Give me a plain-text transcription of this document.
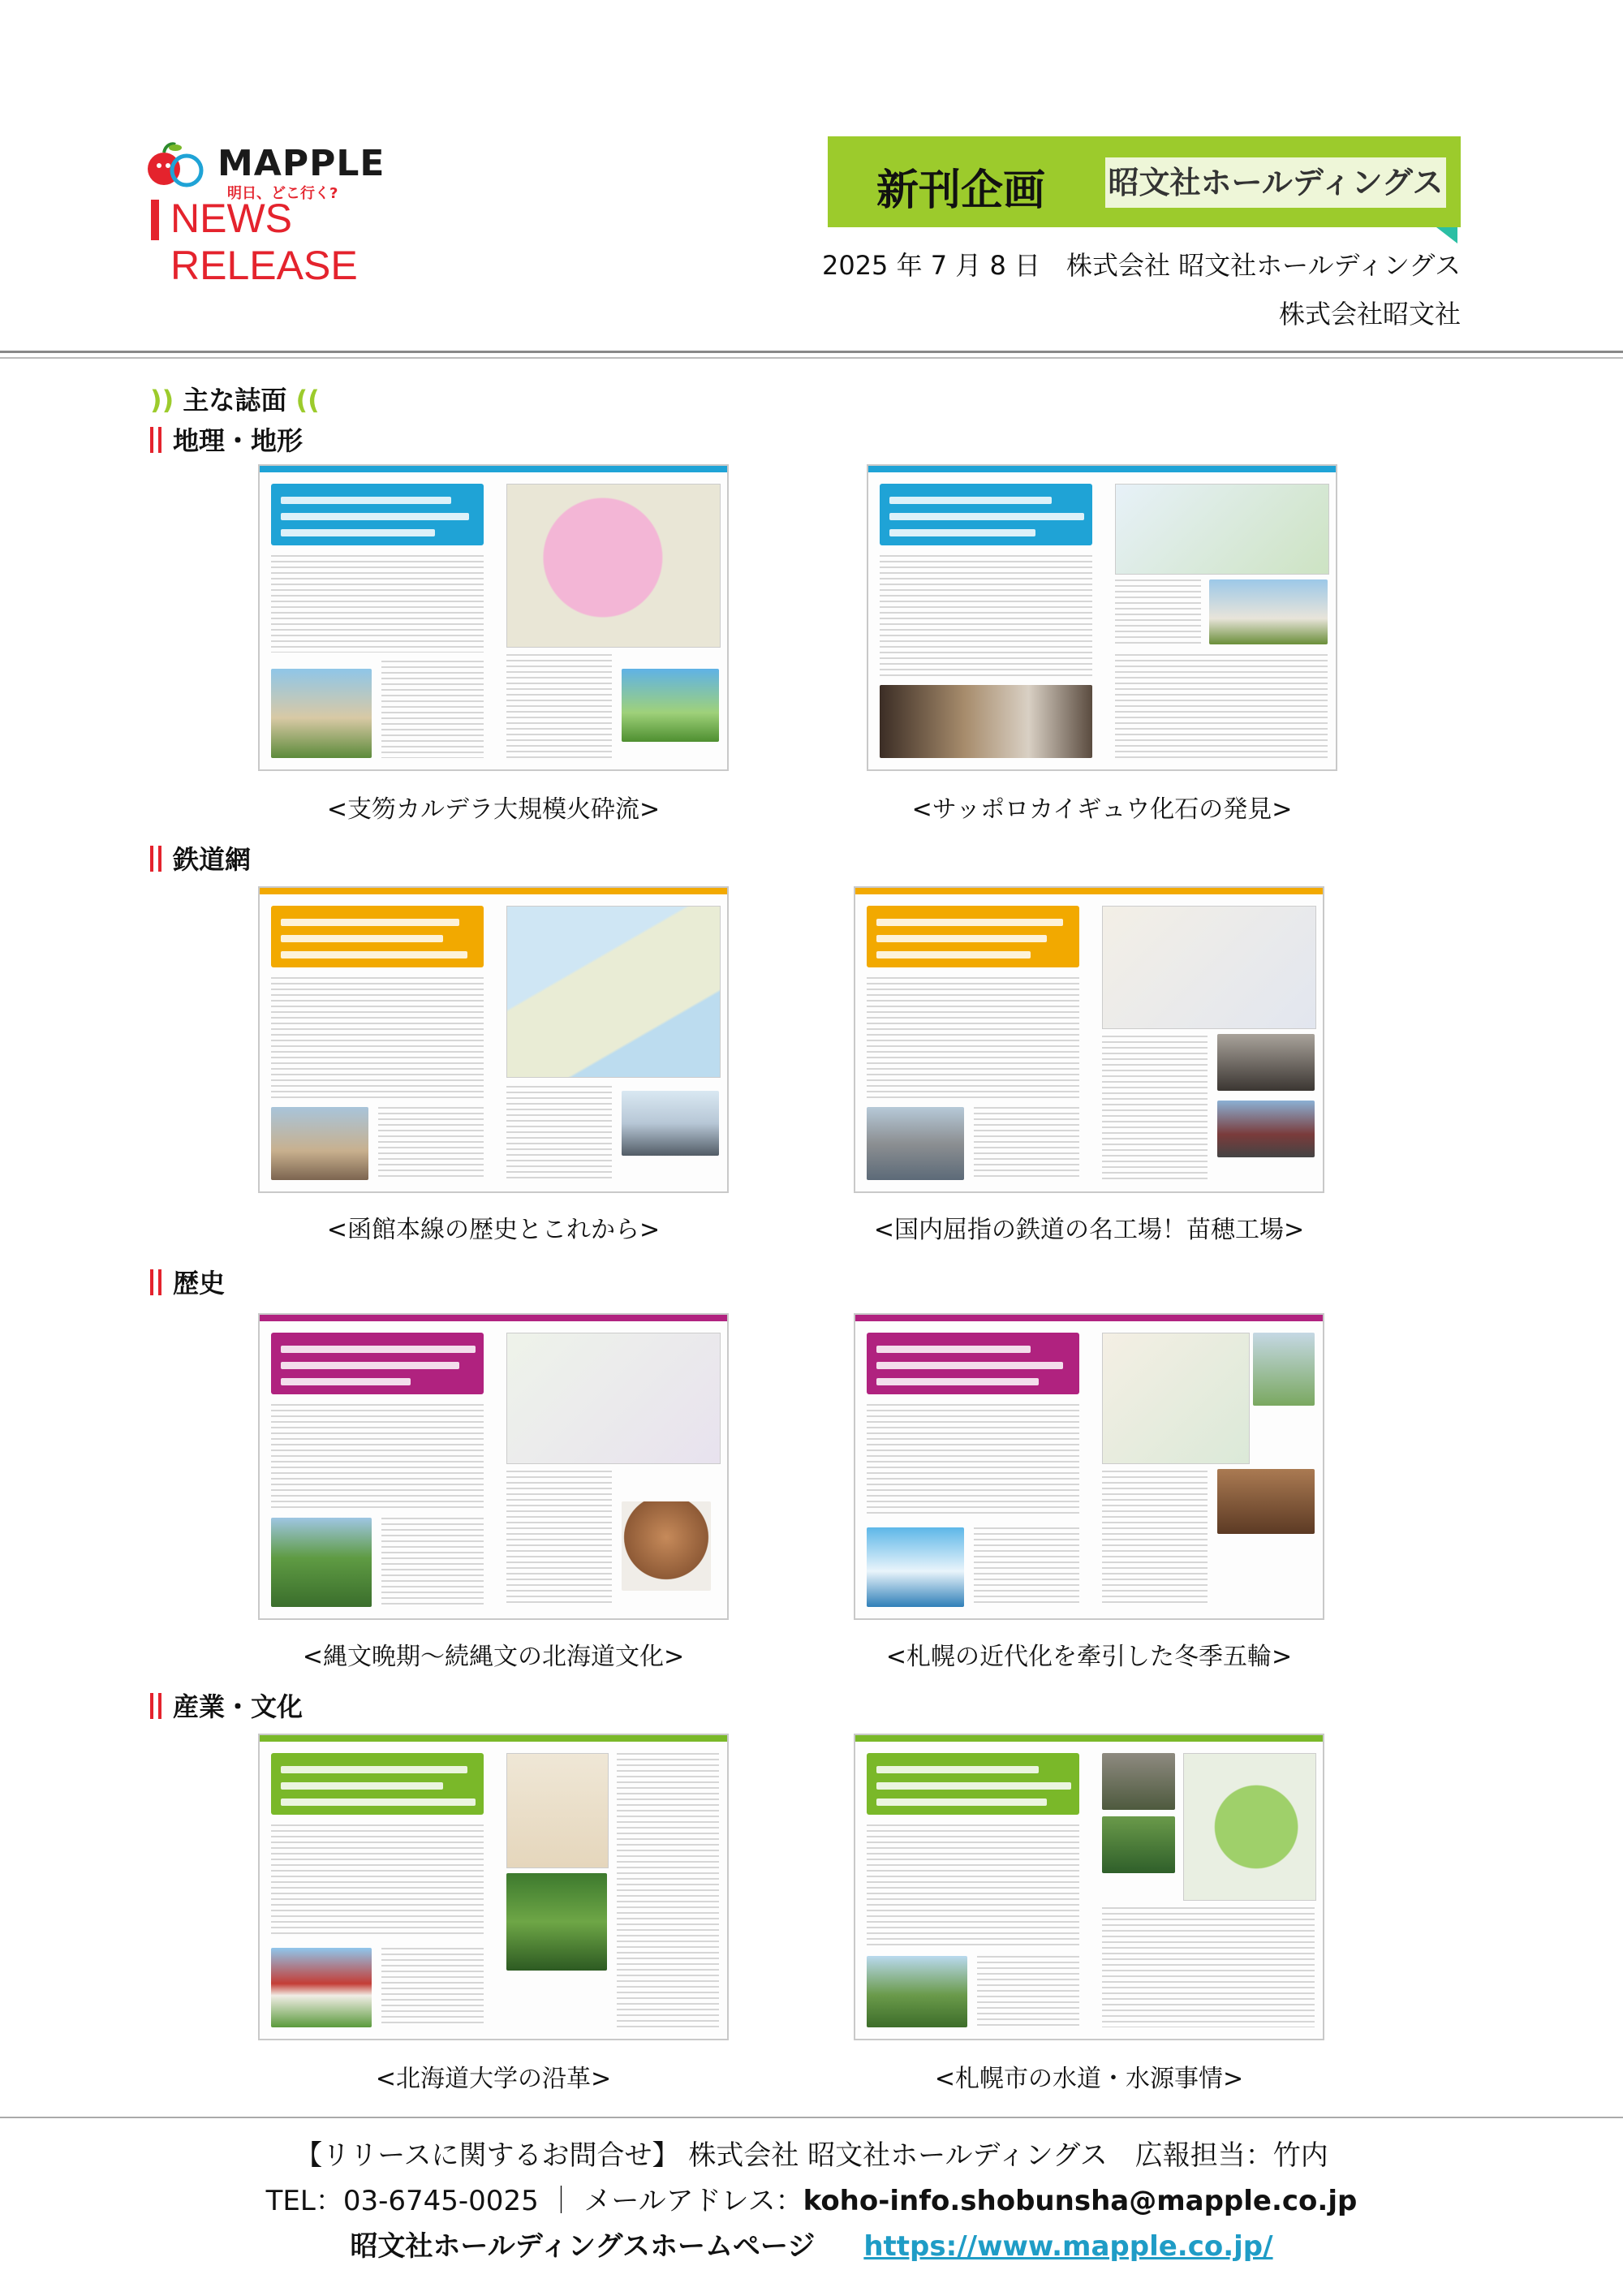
MAPPLE
明日、どこ行く?
NEWS RELEASE
新刊企画 昭文社ホールディングス
2025 年 7 月 8 日　株式会社 昭文社ホールディングス
株式会社昭文社
)) 主な誌面 ((
地理・地形
鉄道網
歴史
産業・文化
<支笏カルデラ大規模火砕流>	<サッポロカイギュウ化石の発見>
<函館本線の歴史とこれから>	<国内屈指の鉄道の名工場！苗穂工場>
<縄文晩期～続縄文の北海道文化>	<札幌の近代化を牽引した冬季五輪>
<北海道大学の沿革>	<札幌市の水道・水源事情>
【リリースに関するお問合せ】 株式会社 昭文社ホールディングス　広報担当：竹内
TEL：03-6745-0025 ｜ メールアドレス：koho-info.shobunsha@mapple.co.jp
昭文社ホールディングスホームページ https://www.mapple.co.jp/
